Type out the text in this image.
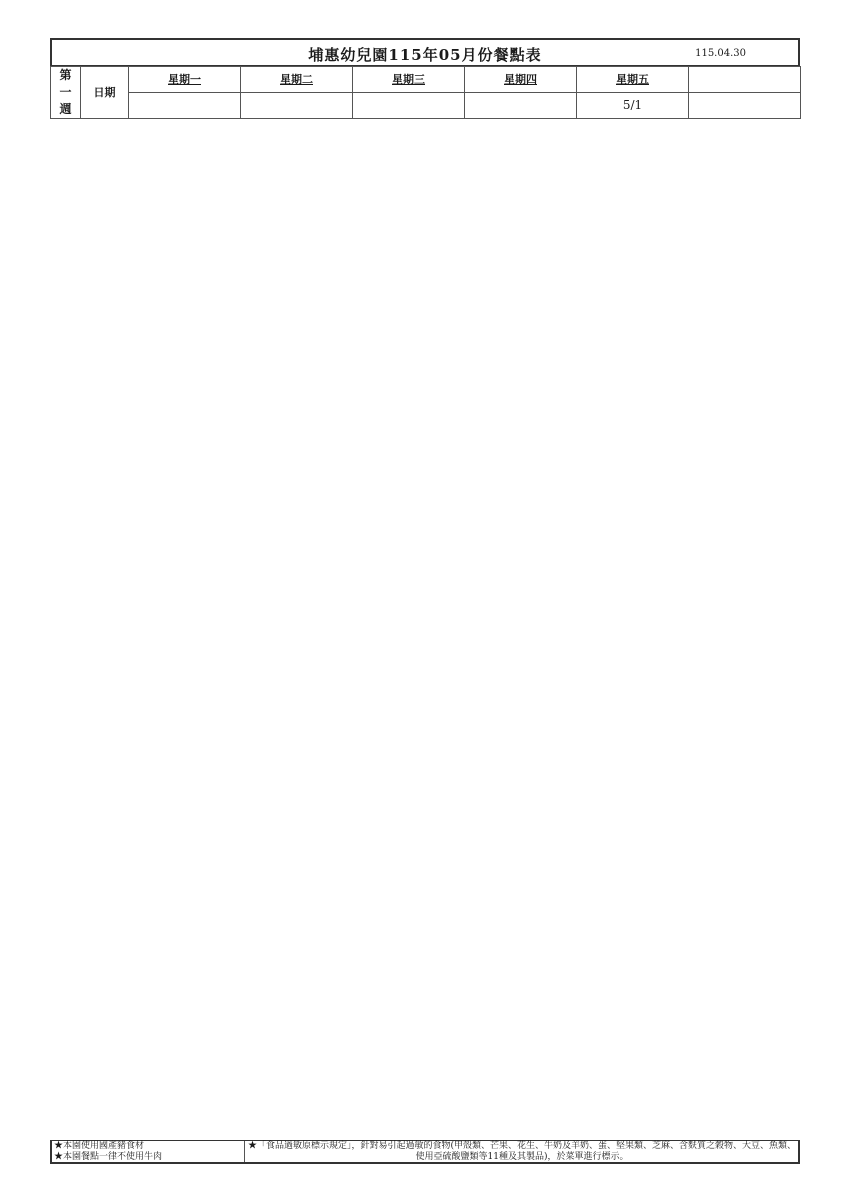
埔惠幼兒園115年05月份餐點表	115.04.30
第一週	日期	星期一	星期二	星期三	星期四	星期五	
						5/1	
★本園使用國產豬食材
★本園餐點一律不使用牛肉
★「食品過敏原標示規定」，針對易引起過敏的食物(甲殼類、芒果、花生、牛奶及羊奶、蛋、堅果類、芝麻、含麩質之穀物、大豆、魚類、使用亞硫酸鹽類等11種及其製品)，於菜單進行標示。
